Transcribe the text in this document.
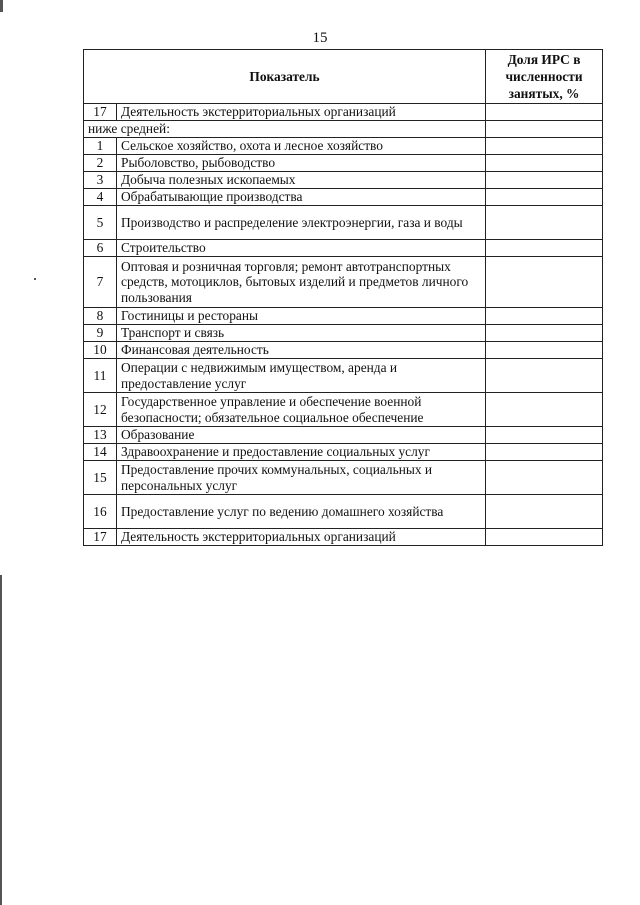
15
Показатель		Доля ИРС в численности занятых, %
17	Деятельность экстерриториальных организаций	
ниже средней:		
1	Сельское хозяйство, охота и лесное хозяйство	
2	Рыболовство, рыбоводство	
3	Добыча полезных ископаемых	
4	Обрабатывающие производства	
5	Производство и распределение электроэнергии, газа и воды	
6	Строительство	
7	Оптовая и розничная торговля; ремонт автотранспортных средств, мотоциклов, бытовых изделий и предметов личного пользования	
8	Гостиницы и рестораны	
9	Транспорт и связь	
10	Финансовая деятельность	
11	Операции с недвижимым имуществом, аренда и предоставление услуг	
12	Государственное управление и обеспечение военной безопасности; обязательное социальное обеспечение	
13	Образование	
14	Здравоохранение и предоставление социальных услуг	
15	Предоставление прочих коммунальных, социальных и персональных услуг	
16	Предоставление услуг по ведению домашнего хозяйства	
17	Деятельность экстерриториальных организаций	
